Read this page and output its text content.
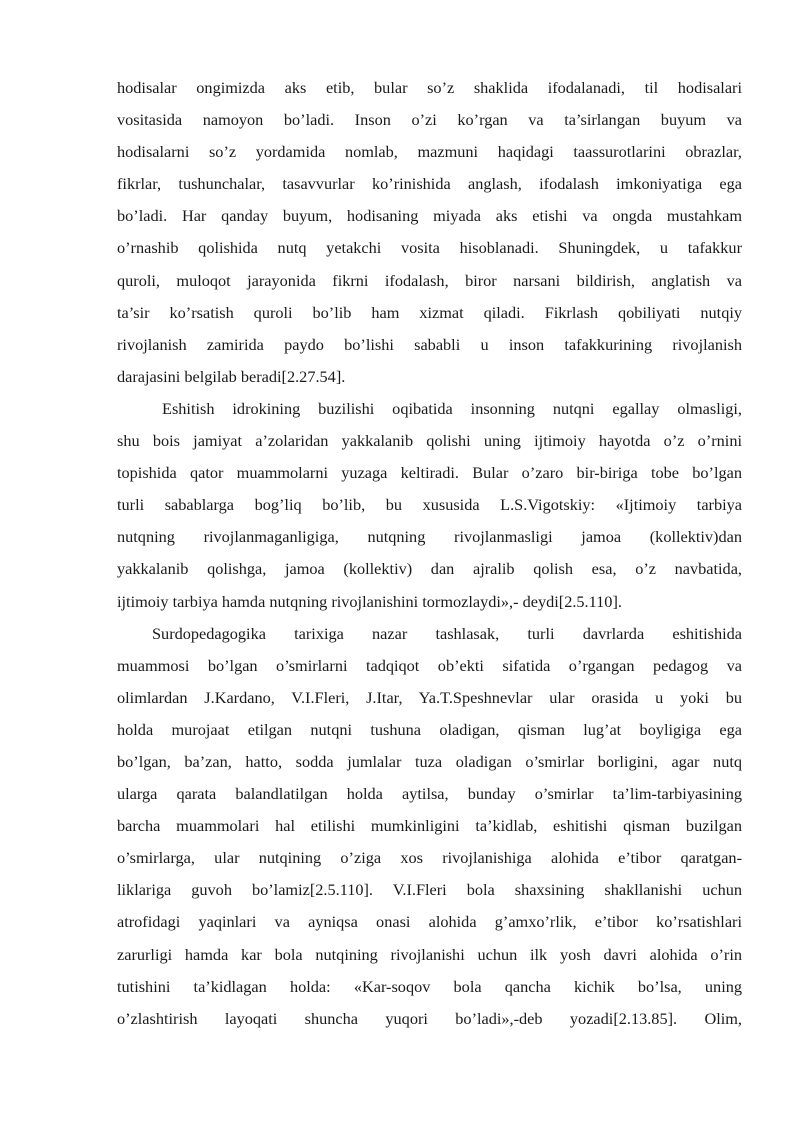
hodisalar ongimizda aks etib, bular so’z shaklida ifodalanadi, til hodisalari
vositasida namoyon bo’ladi. Inson o’zi ko’rgan va ta’sirlangan buyum va
hodisalarni so’z yordamida nomlab, mazmuni haqidagi taassurotlarini obrazlar,
fikrlar, tushunchalar, tasavvurlar ko’rinishida anglash, ifodalash imkoniyatiga ega
bo’ladi. Har qanday buyum, hodisaning miyada aks etishi va ongda mustahkam
o’rnashib qolishida nutq yetakchi vosita hisoblanadi. Shuningdek, u tafakkur
quroli, muloqot jarayonida fikrni ifodalash, biror narsani bildirish, anglatish va
ta’sir ko’rsatish quroli bo’lib ham xizmat qiladi. Fikrlash qobiliyati nutqiy
rivojlanish zamirida paydo bo’lishi sababli u inson tafakkurining rivojlanish
darajasini belgilab beradi[2.27.54].
Eshitish idrokining buzilishi oqibatida insonning nutqni egallay olmasligi,
shu bois jamiyat a’zolaridan yakkalanib qolishi uning ijtimoiy hayotda o’z o’rnini
topishida qator muammolarni yuzaga keltiradi. Bular o’zaro bir-biriga tobe bo’lgan
turli sabablarga bog’liq bo’lib, bu xususida L.S.Vigotskiy: «Ijtimoiy tarbiya
nutqning rivojlanmaganligiga, nutqning rivojlanmasligi jamoa (kollektiv)dan
yakkalanib qolishga, jamoa (kollektiv) dan ajralib qolish esa, o’z navbatida,
ijtimoiy tarbiya hamda nutqning rivojlanishini tormozlaydi»,- deydi[2.5.110].
Surdopedagogika tarixiga nazar tashlasak, turli davrlarda eshitishida
muammosi bo’lgan o’smirlarni tadqiqot ob’ekti sifatida o’rgangan pedagog va
olimlardan J.Kardano, V.I.Fleri, J.Itar, Ya.T.Speshnevlar ular orasida u yoki bu
holda murojaat etilgan nutqni tushuna oladigan, qisman lug’at boyligiga ega
bo’lgan, ba’zan, hatto, sodda jumlalar tuza oladigan o’smirlar borligini, agar nutq
ularga qarata balandlatilgan holda aytilsa, bunday o’smirlar ta’lim-tarbiyasining
barcha muammolari hal etilishi mumkinligini ta’kidlab, eshitishi qisman buzilgan
o’smirlarga, ular nutqining o’ziga xos rivojlanishiga alohida e’tibor qaratgan-
liklariga guvoh bo’lamiz[2.5.110]. V.I.Fleri bola shaxsining shakllanishi uchun
atrofidagi yaqinlari va ayniqsa onasi alohida g’amxo’rlik, e’tibor ko’rsatishlari
zarurligi hamda kar bola nutqining rivojlanishi uchun ilk yosh davri alohida o’rin
tutishini ta’kidlagan holda: «Kar-soqov bola qancha kichik bo’lsa, uning
o’zlashtirish layoqati shuncha yuqori bo’ladi»,-deb yozadi[2.13.85]. Olim,
